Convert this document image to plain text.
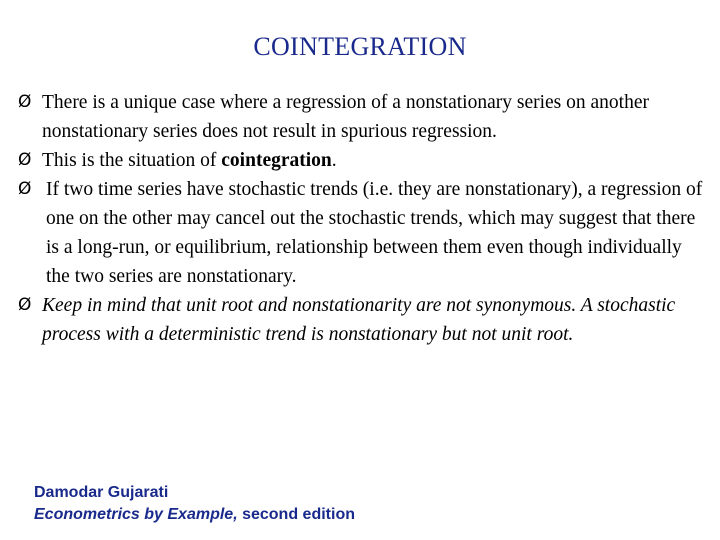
COINTEGRATION
Ø There is a unique case where a regression of a nonstationary series on another nonstationary series does not result in spurious regression.
Ø This is the situation of cointegration.
Ø If two time series have stochastic trends (i.e. they are nonstationary), a regression of one on the other may cancel out the stochastic trends, which may suggest that there is a long-run, or equilibrium, relationship between them even though individually the two series are nonstationary.
Ø Keep in mind that unit root and nonstationarity are not synonymous. A stochastic process with a deterministic trend is nonstationary but not unit root.
Damodar Gujarati
Econometrics by Example, second edition
